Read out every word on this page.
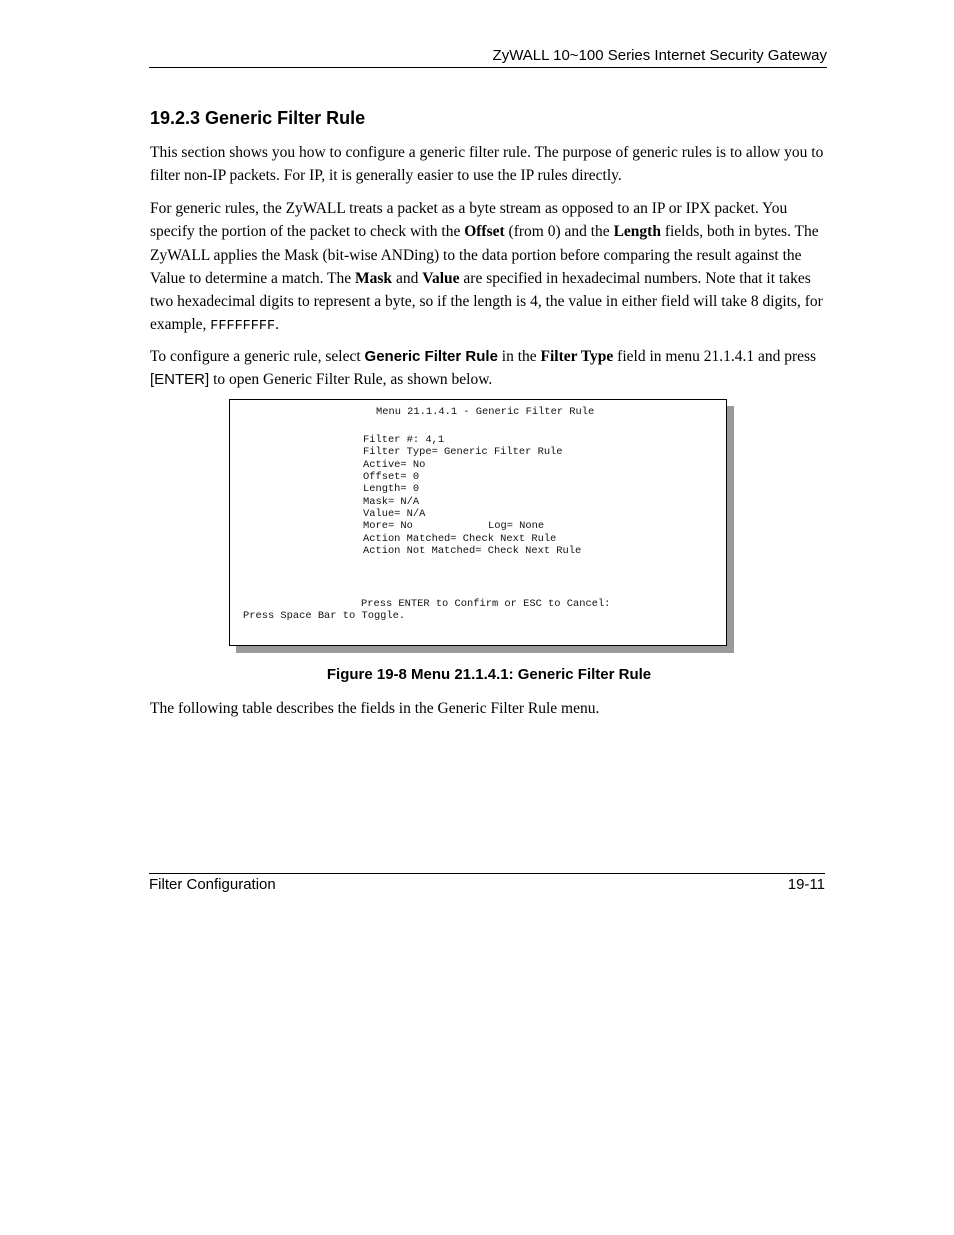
ZyWALL 10~100 Series Internet Security Gateway
19.2.3 Generic Filter Rule

This section shows you how to configure a generic filter rule. The purpose of generic rules is to allow you to filter non-IP packets. For IP, it is generally easier to use the IP rules directly.

For generic rules, the ZyWALL treats a packet as a byte stream as opposed to an IP or IPX packet. You specify the portion of the packet to check with the Offset (from 0) and the Length fields, both in bytes. The ZyWALL applies the Mask (bit-wise ANDing) to the data portion before comparing the result against the Value to determine a match. The Mask and Value are specified in hexadecimal numbers. Note that it takes two hexadecimal digits to represent a byte, so if the length is 4, the value in either field will take 8 digits, for example, FFFFFFFF.

To configure a generic rule, select Generic Filter Rule in the Filter Type field in menu 21.1.4.1 and press [ENTER] to open Generic Filter Rule, as shown below.

Menu 21.1.4.1 - Generic Filter Rule
Filter #: 4,1
Filter Type= Generic Filter Rule
Active= No
Offset= 0
Length= 0
Mask= N/A
Value= N/A
More= No	Log= None
Action Matched= Check Next Rule
Action Not Matched= Check Next Rule
Press ENTER to Confirm or ESC to Cancel:
Press Space Bar to Toggle.

Figure 19-8 Menu 21.1.4.1: Generic Filter Rule

The following table describes the fields in the Generic Filter Rule menu.

Filter Configuration	19-11
